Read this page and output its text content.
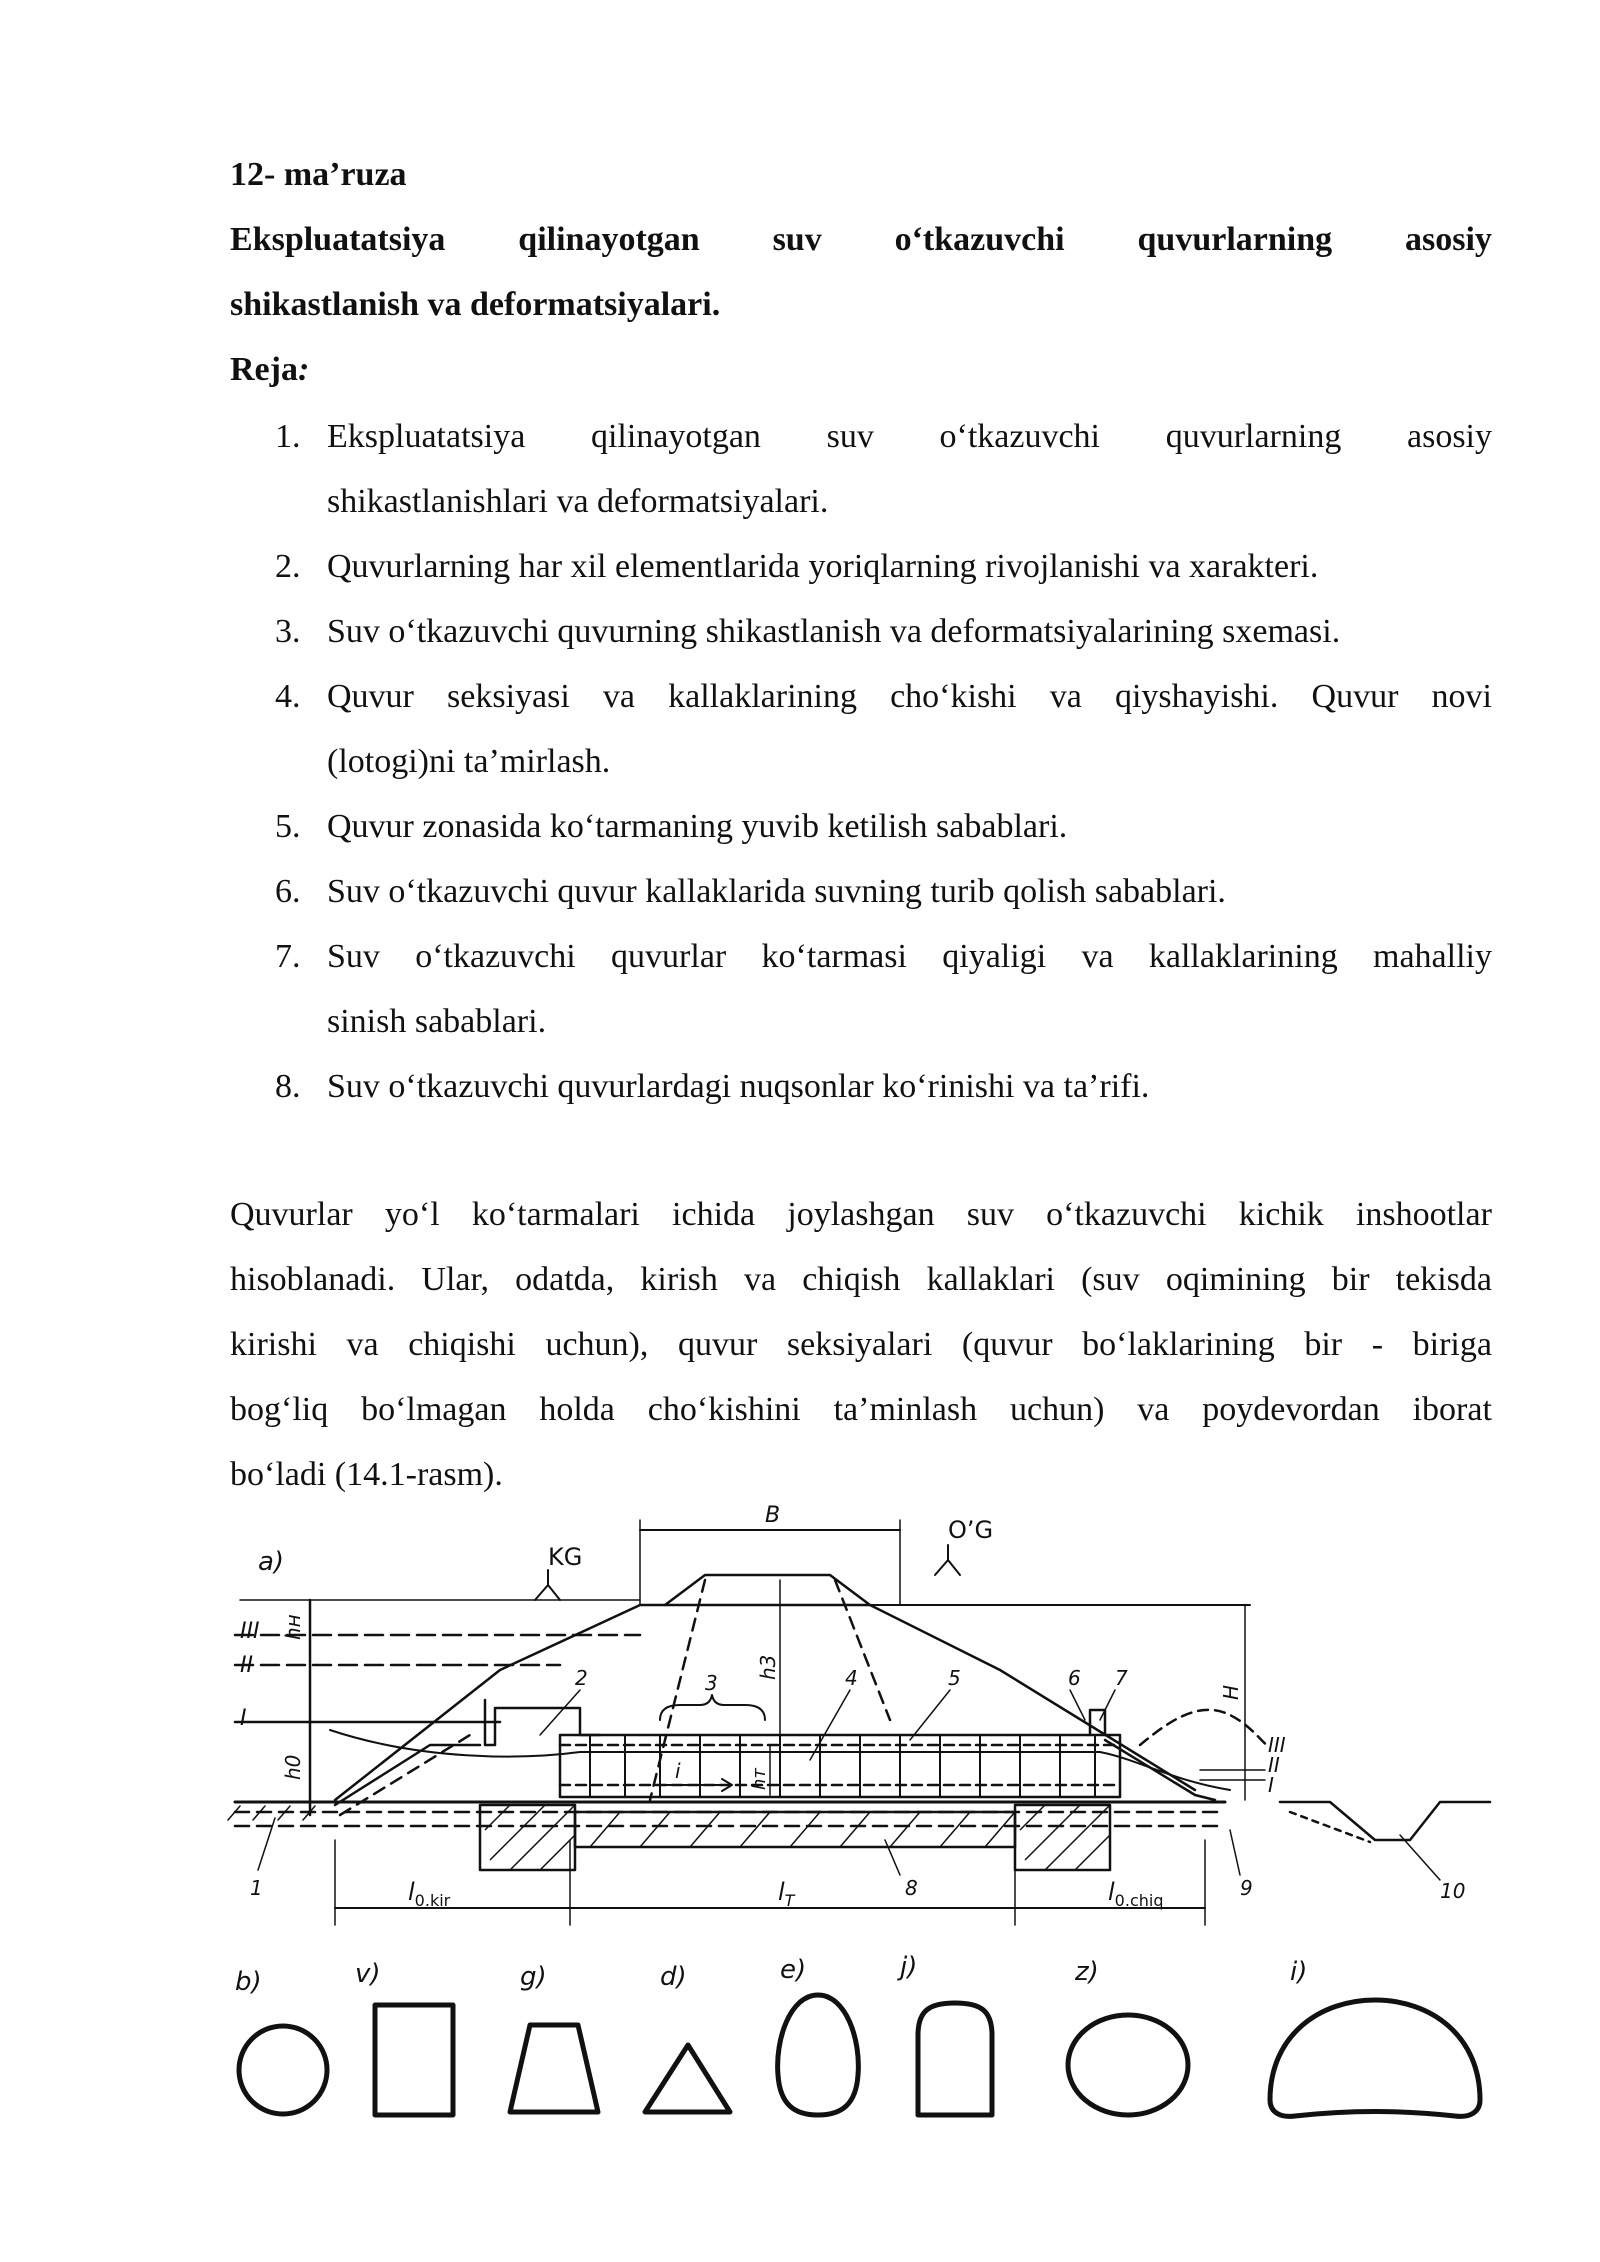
12- ma’ruza
Ekspluatatsiya qilinayotgan suv o‘tkazuvchi quvurlarning asosiy
shikastlanish va deformatsiyalari.
Reja:
1. Ekspluatatsiya qilinayotgan suv o‘tkazuvchi quvurlarning asosiy
shikastlanishlari va deformatsiyalari.
2. Quvurlarning har xil elementlarida yoriqlarning rivojlanishi va xarakteri.
3. Suv o‘tkazuvchi quvurning shikastlanish va deformatsiyalarining sxemasi.
4. Quvur seksiyasi va kallaklarining cho‘kishi va qiyshayishi. Quvur novi
(lotogi)ni ta’mirlash.
5. Quvur zonasida ko‘tarmaning yuvib ketilish sabablari.
6. Suv o‘tkazuvchi quvur kallaklarida suvning turib qolish sabablari.
7. Suv o‘tkazuvchi quvurlar ko‘tarmasi qiyaligi va kallaklarining mahalliy
sinish sabablari.
8. Suv o‘tkazuvchi quvurlardagi nuqsonlar ko‘rinishi va ta’rifi.
Quvurlar yo‘l ko‘tarmalari ichida joylashgan suv o‘tkazuvchi kichik inshootlar
hisoblanadi. Ular, odatda, kirish va chiqish kallaklari (suv oqimining bir tekisda
kirishi va chiqishi uchun), quvur seksiyalari (quvur bo‘laklarining bir - biriga
bog‘liq bo‘lmagan holda cho‘kishini ta’minlash uchun) va poydevordan iborat
bo‘ladi (14.1-rasm).
a)	KG
O’G
B
III
II
I
III
II
I
hн
h0
h3
hт
H
i
1
2	3	4	5	6 7
8	9	10
$l_{0.kir}$	$l_T$	$l_{0.chiq}$
b)	v)	g)	d)	e)	j)	z)	i)
